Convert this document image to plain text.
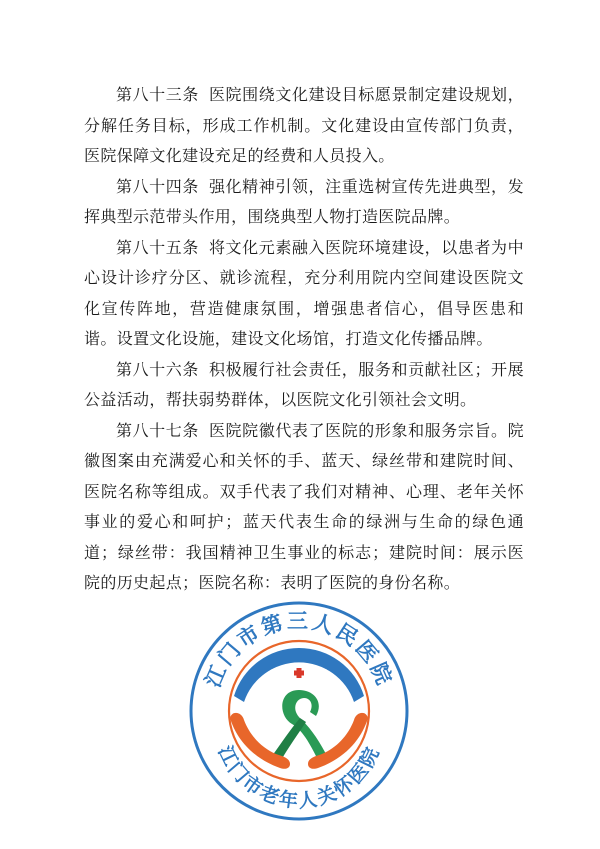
第八十三条 医院围绕文化建设目标愿景制定建设规划，分解任务目标，形成工作机制。文化建设由宣传部门负责，医院保障文化建设充足的经费和人员投入。

第八十四条 强化精神引领，注重选树宣传先进典型，发挥典型示范带头作用，围绕典型人物打造医院品牌。

第八十五条 将文化元素融入医院环境建设，以患者为中心设计诊疗分区、就诊流程，充分利用院内空间建设医院文化宣传阵地，营造健康氛围，增强患者信心，倡导医患和谐。设置文化设施，建设文化场馆，打造文化传播品牌。

第八十六条 积极履行社会责任，服务和贡献社区；开展公益活动，帮扶弱势群体，以医院文化引领社会文明。

第八十七条 医院院徽代表了医院的形象和服务宗旨。院徽图案由充满爱心和关怀的手、蓝天、绿丝带和建院时间、医院名称等组成。双手代表了我们对精神、心理、老年关怀事业的爱心和呵护；蓝天代表生命的绿洲与生命的绿色通道；绿丝带：我国精神卫生事业的标志；建院时间：展示医院的历史起点；医院名称：表明了医院的身份名称。

19 59
江门市第三人民医院
江门市老年人关怀医院
